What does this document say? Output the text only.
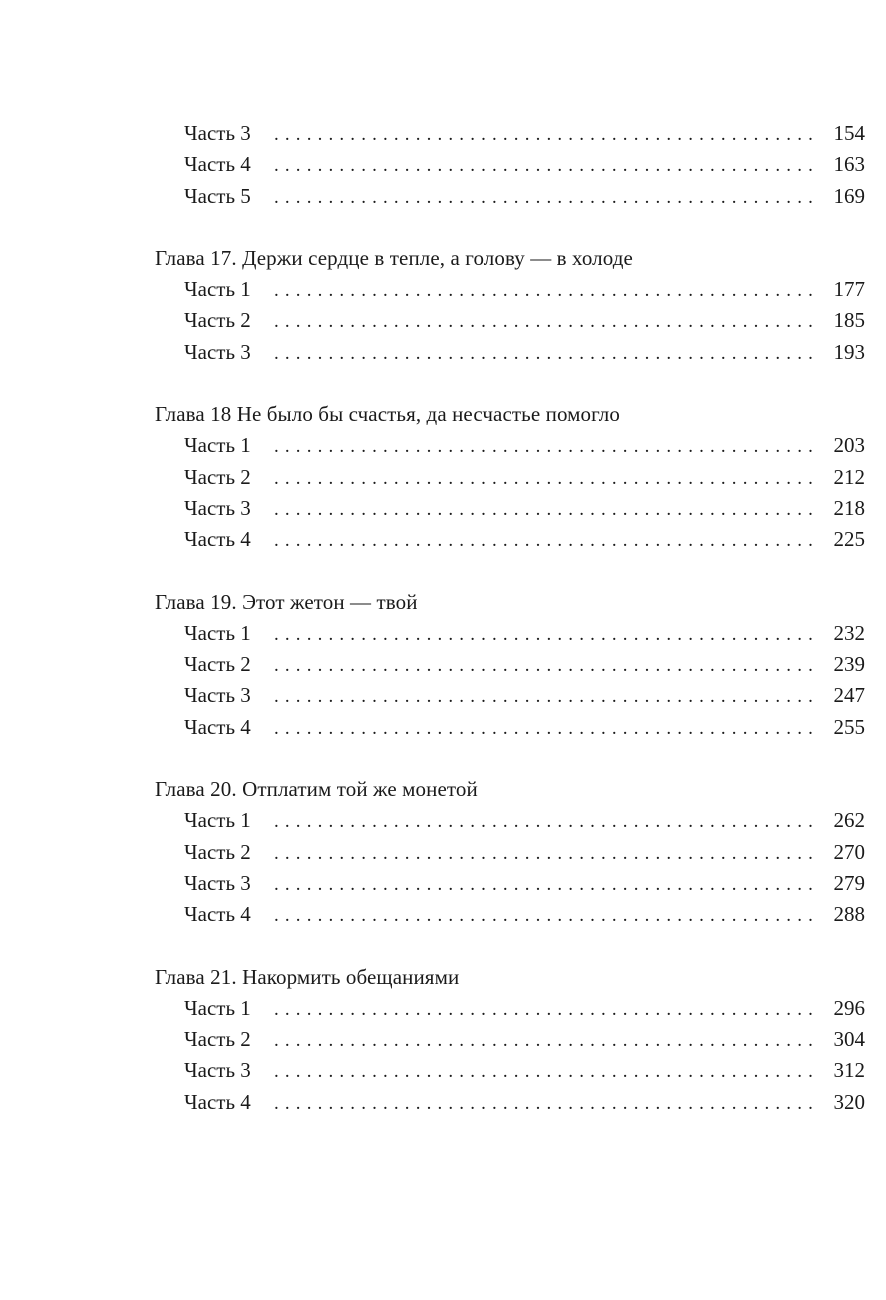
Часть 3	.................................................. 154
Часть 4	.................................................. 163
Часть 5	.................................................. 169
Глава 17. Держи сердце в тепле, а голову — в холоде
Часть 1	.................................................. 177
Часть 2	.................................................. 185
Часть 3	.................................................. 193
Глава 18 Не было бы счастья, да несчастье помогло
Часть 1	.................................................. 203
Часть 2	.................................................. 212
Часть 3	.................................................. 218
Часть 4	.................................................. 225
Глава 19. Этот жетон — твой
Часть 1	.................................................. 232
Часть 2	.................................................. 239
Часть 3	.................................................. 247
Часть 4	.................................................. 255
Глава 20. Отплатим той же монетой
Часть 1	.................................................. 262
Часть 2	.................................................. 270
Часть 3	.................................................. 279
Часть 4	.................................................. 288
Глава 21. Накормить обещаниями
Часть 1	.................................................. 296
Часть 2	.................................................. 304
Часть 3	.................................................. 312
Часть 4	.................................................. 320
